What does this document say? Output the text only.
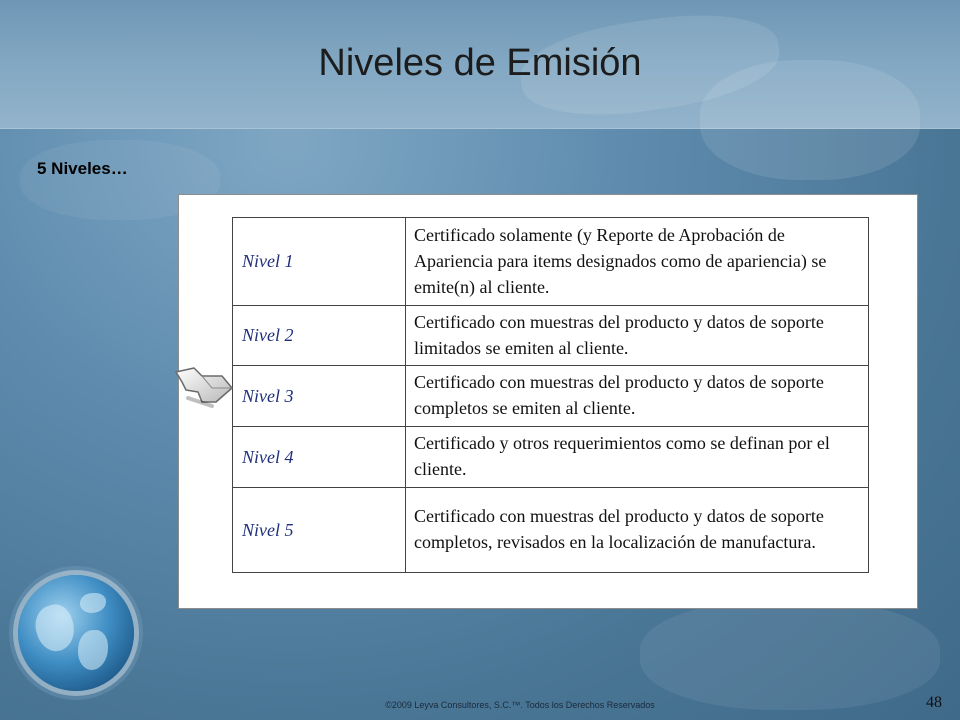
Niveles de Emisión
5 Niveles…
Nivel 1	Certificado solamente (y Reporte de Aprobación de Apariencia para items designados como de apariencia) se emite(n) al cliente.
Nivel 2	Certificado con muestras del producto y datos de soporte limitados se emiten al cliente.
Nivel 3	Certificado con muestras del producto y datos de soporte completos se emiten al cliente.
Nivel 4	Certificado y otros requerimientos como se definan por el cliente.
Nivel 5	Certificado con muestras del producto y datos de soporte completos, revisados en la localización de manufactura.
©2009 Leyva Consultores, S.C.™. Todos los Derechos Reservados	48
